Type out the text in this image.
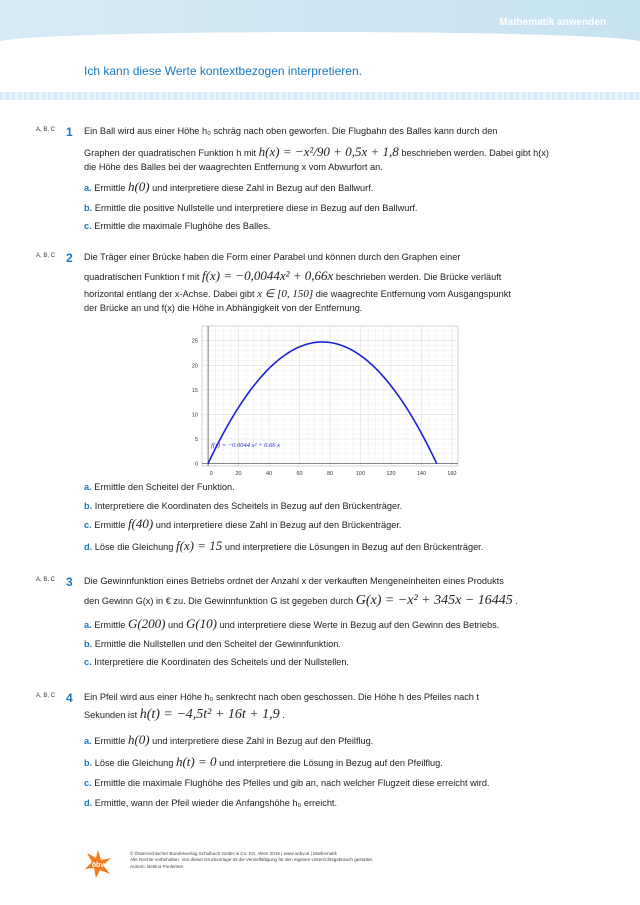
Mathematik anwenden
Ich kann diese Werte kontextbezogen interpretieren.
A, B, C 1 Ein Ball wird aus einer Höhe h₀ schräg nach oben geworfen. Die Flugbahn des Balles kann durch den
Graphen der quadratischen Funktion h mit h(x) = −x²/90 + 0,5x + 1,8 beschrieben werden. Dabei gibt h(x)
die Höhe des Balles bei der waagrechten Entfernung x vom Abwurfort an.
a. Ermittle h(0) und interpretiere diese Zahl in Bezug auf den Ballwurf.
b. Ermittle die positive Nullstelle und interpretiere diese in Bezug auf den Ballwurf.
c. Ermittle die maximale Flughöhe des Balles.
A, B, C 2 Die Träger einer Brücke haben die Form einer Parabel und können durch den Graphen einer
quadratischen Funktion f mit f(x) = −0,0044x² + 0,66x beschrieben werden. Die Brücke verläuft
horizontal entlang der x-Achse. Dabei gibt x ∈ [0, 150] die waagrechte Entfernung vom Ausgangspunkt
der Brücke an und f(x) die Höhe in Abhängigkeit von der Entfernung.
0	20	40	60	80	100	120	140	160
0
5
10
15
20
25
f(x) = −0.0044 x² + 0.66 x
a. Ermittle den Scheitel der Funktion.
b. Interpretiere die Koordinaten des Scheitels in Bezug auf den Brückenträger.
c. Ermittle f(40) und interpretiere diese Zahl in Bezug auf den Brückenträger.
d. Löse die Gleichung f(x) = 15 und interpretiere die Lösungen in Bezug auf den Brückenträger.
A, B, C 3 Die Gewinnfunktion eines Betriebs ordnet der Anzahl x der verkauften Mengeneinheiten eines Produkts
den Gewinn G(x) in € zu. Die Gewinnfunktion G ist gegeben durch G(x) = −x² + 345x − 16445 .
a. Ermittle G(200) und G(10) und interpretiere diese Werte in Bezug auf den Gewinn des Betriebs.
b. Ermittle die Nullstellen und den Scheitel der Gewinnfunktion.
c. Interpretiere die Koordinaten des Scheitels und der Nullstellen.
A, B, C 4 Ein Pfeil wird aus einer Höhe h₀ senkrecht nach oben geschossen. Die Höhe h des Pfeiles nach t
Sekunden ist h(t) = −4,5t² + 16t + 1,9 .
a. Ermittle h(0) und interpretiere diese Zahl in Bezug auf den Pfeilflug.
b. Löse die Gleichung h(t) = 0 und interpretiere die Lösung in Bezug auf den Pfeilflug.
c. Ermittle die maximale Flughöhe des Pfeiles und gib an, nach welcher Flugzeit diese erreicht wird.
d. Ermittle, wann der Pfeil wieder die Anfangshöhe h₀ erreicht.
öbv
© Österreichischer Bundesverlag Schulbuch GmbH & Co. KG, Wien 2015 | www.oebv.at | Mathematik
Alle Rechte vorbehalten. Von dieser Druckvorlage ist die Vervielfältigung für den eigenen Unterrichtsgebrauch gestattet.
Autorin: Bettina Ponleitner
